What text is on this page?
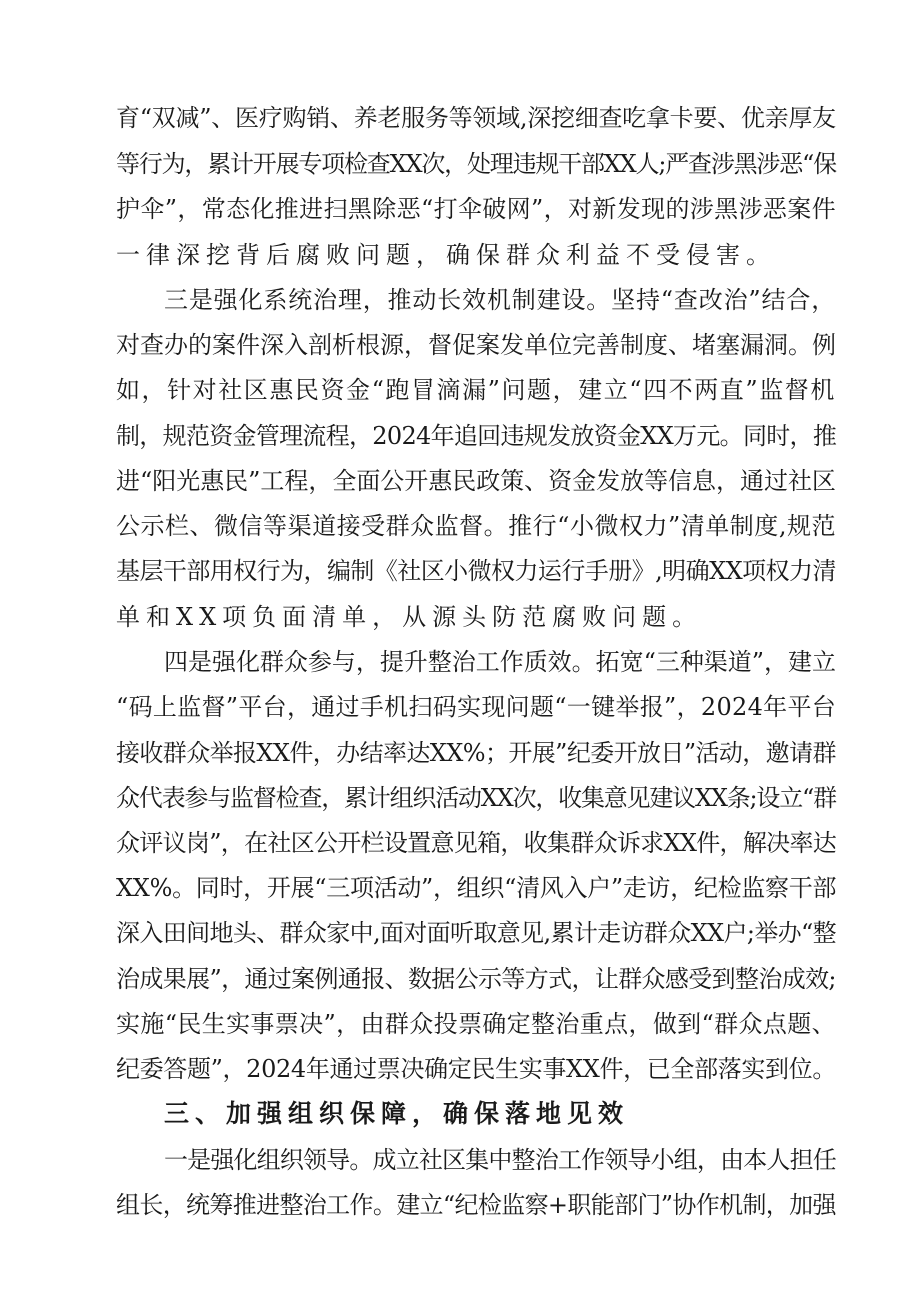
育“双减”、医疗购销、养老服务等领域,深挖细查吃拿卡要、优亲厚友
等行为，累计开展专项检查XX次，处理违规干部XX人;严查涉黑涉恶“保
护伞”，常态化推进扫黑除恶“打伞破网”，对新发现的涉黑涉恶案件
一律深挖背后腐败问题，确保群众利益不受侵害。
三是强化系统治理，推动长效机制建设。坚持“查改治”结合，
对查办的案件深入剖析根源，督促案发单位完善制度、堵塞漏洞。例
如，针对社区惠民资金“跑冒滴漏”问题，建立“四不两直”监督机
制，规范资金管理流程，2024年追回违规发放资金XX万元。同时，推
进“阳光惠民”工程，全面公开惠民政策、资金发放等信息，通过社区
公示栏、微信等渠道接受群众监督。推行“小微权力”清单制度,规范
基层干部用权行为，编制《社区小微权力运行手册》,明确XX项权力清
单和XX项负面清单，从源头防范腐败问题。
四是强化群众参与，提升整治工作质效。拓宽“三种渠道”，建立
“码上监督”平台，通过手机扫码实现问题“一键举报”，2024年平台
接收群众举报XX件，办结率达XX%；开展”纪委开放日”活动，邀请群
众代表参与监督检查，累计组织活动XX次，收集意见建议XX条;设立“群
众评议岗”，在社区公开栏设置意见箱，收集群众诉求XX件，解决率达
XX%。同时，开展“三项活动”，组织“清风入户”走访，纪检监察干部
深入田间地头、群众家中,面对面听取意见,累计走访群众XX户;举办“整
治成果展”，通过案例通报、数据公示等方式，让群众感受到整治成效;
实施“民生实事票决”，由群众投票确定整治重点，做到“群众点题、
纪委答题”，2024年通过票决确定民生实事XX件，已全部落实到位。
三、加强组织保障，确保落地见效
一是强化组织领导。成立社区集中整治工作领导小组，由本人担任
组长，统筹推进整治工作。建立“纪检监察+职能部门”协作机制，加强
